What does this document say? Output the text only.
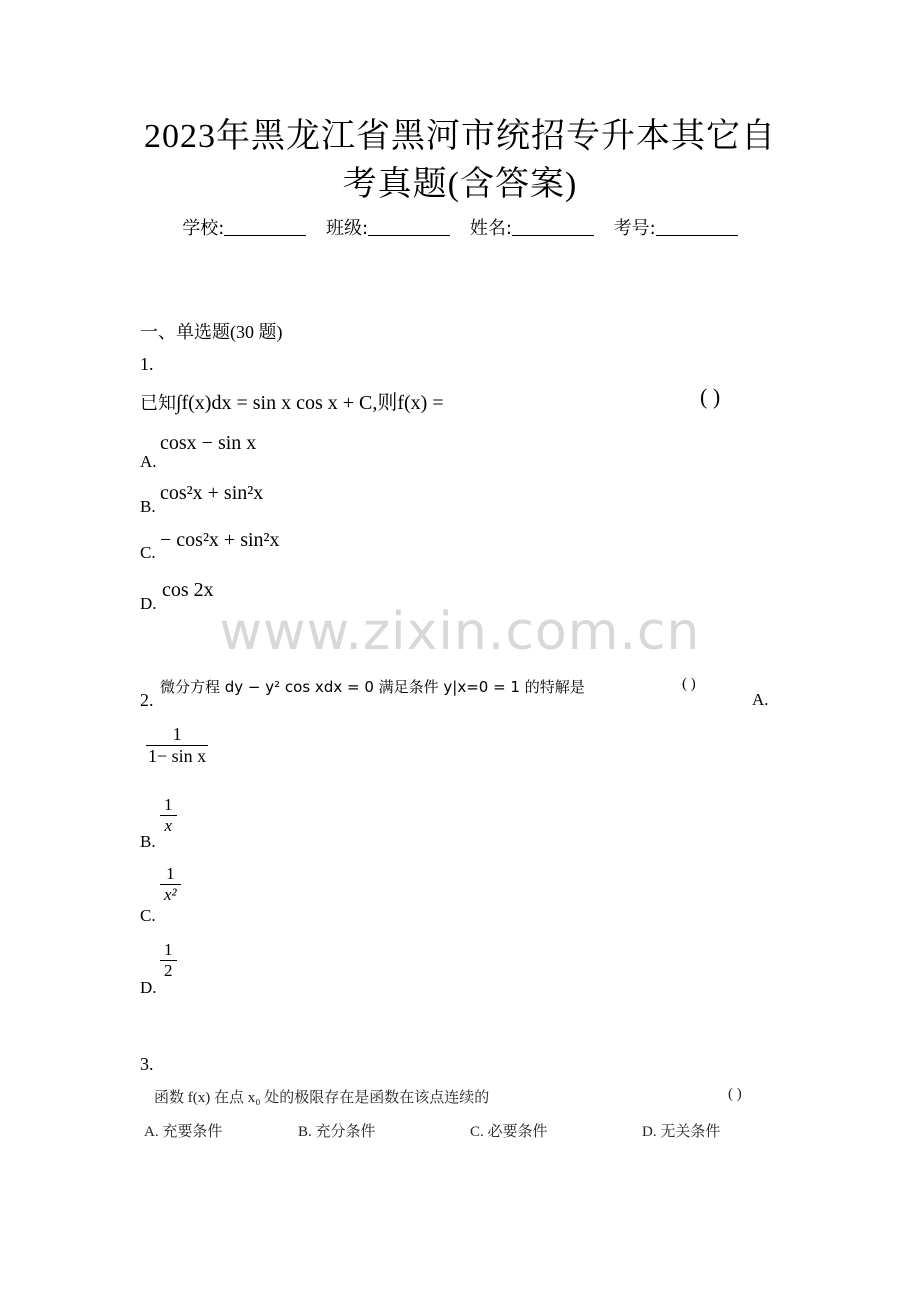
2023年黑龙江省黑河市统招专升本其它自
考真题(含答案)
学校:	班级:	姓名:	考号:
一、单选题(30 题)
1.
已知∫f(x)dx = sin x cos x + C,则f(x) =	( )
A.
cosx − sin x
B.
cos²x + sin²x
C.
− cos²x + sin²x
D.
cos 2x
www.zixin.com.cn
2.
微分方程 dy − y² cos xdx = 0 满足条件 y|x=0 = 1 的特解是	( )
A.
$\frac{1}{\text{1− sin x}}$
B.
$\frac{1}{x}$
C.
$\frac{1}{\text{x²}}$
D.
$\frac{1}{2}$
3.
函数 f(x) 在点 x₀ 处的极限存在是函数在该点连续的	( )
A. 充要条件	B. 充分条件	C. 必要条件	D. 无关条件
